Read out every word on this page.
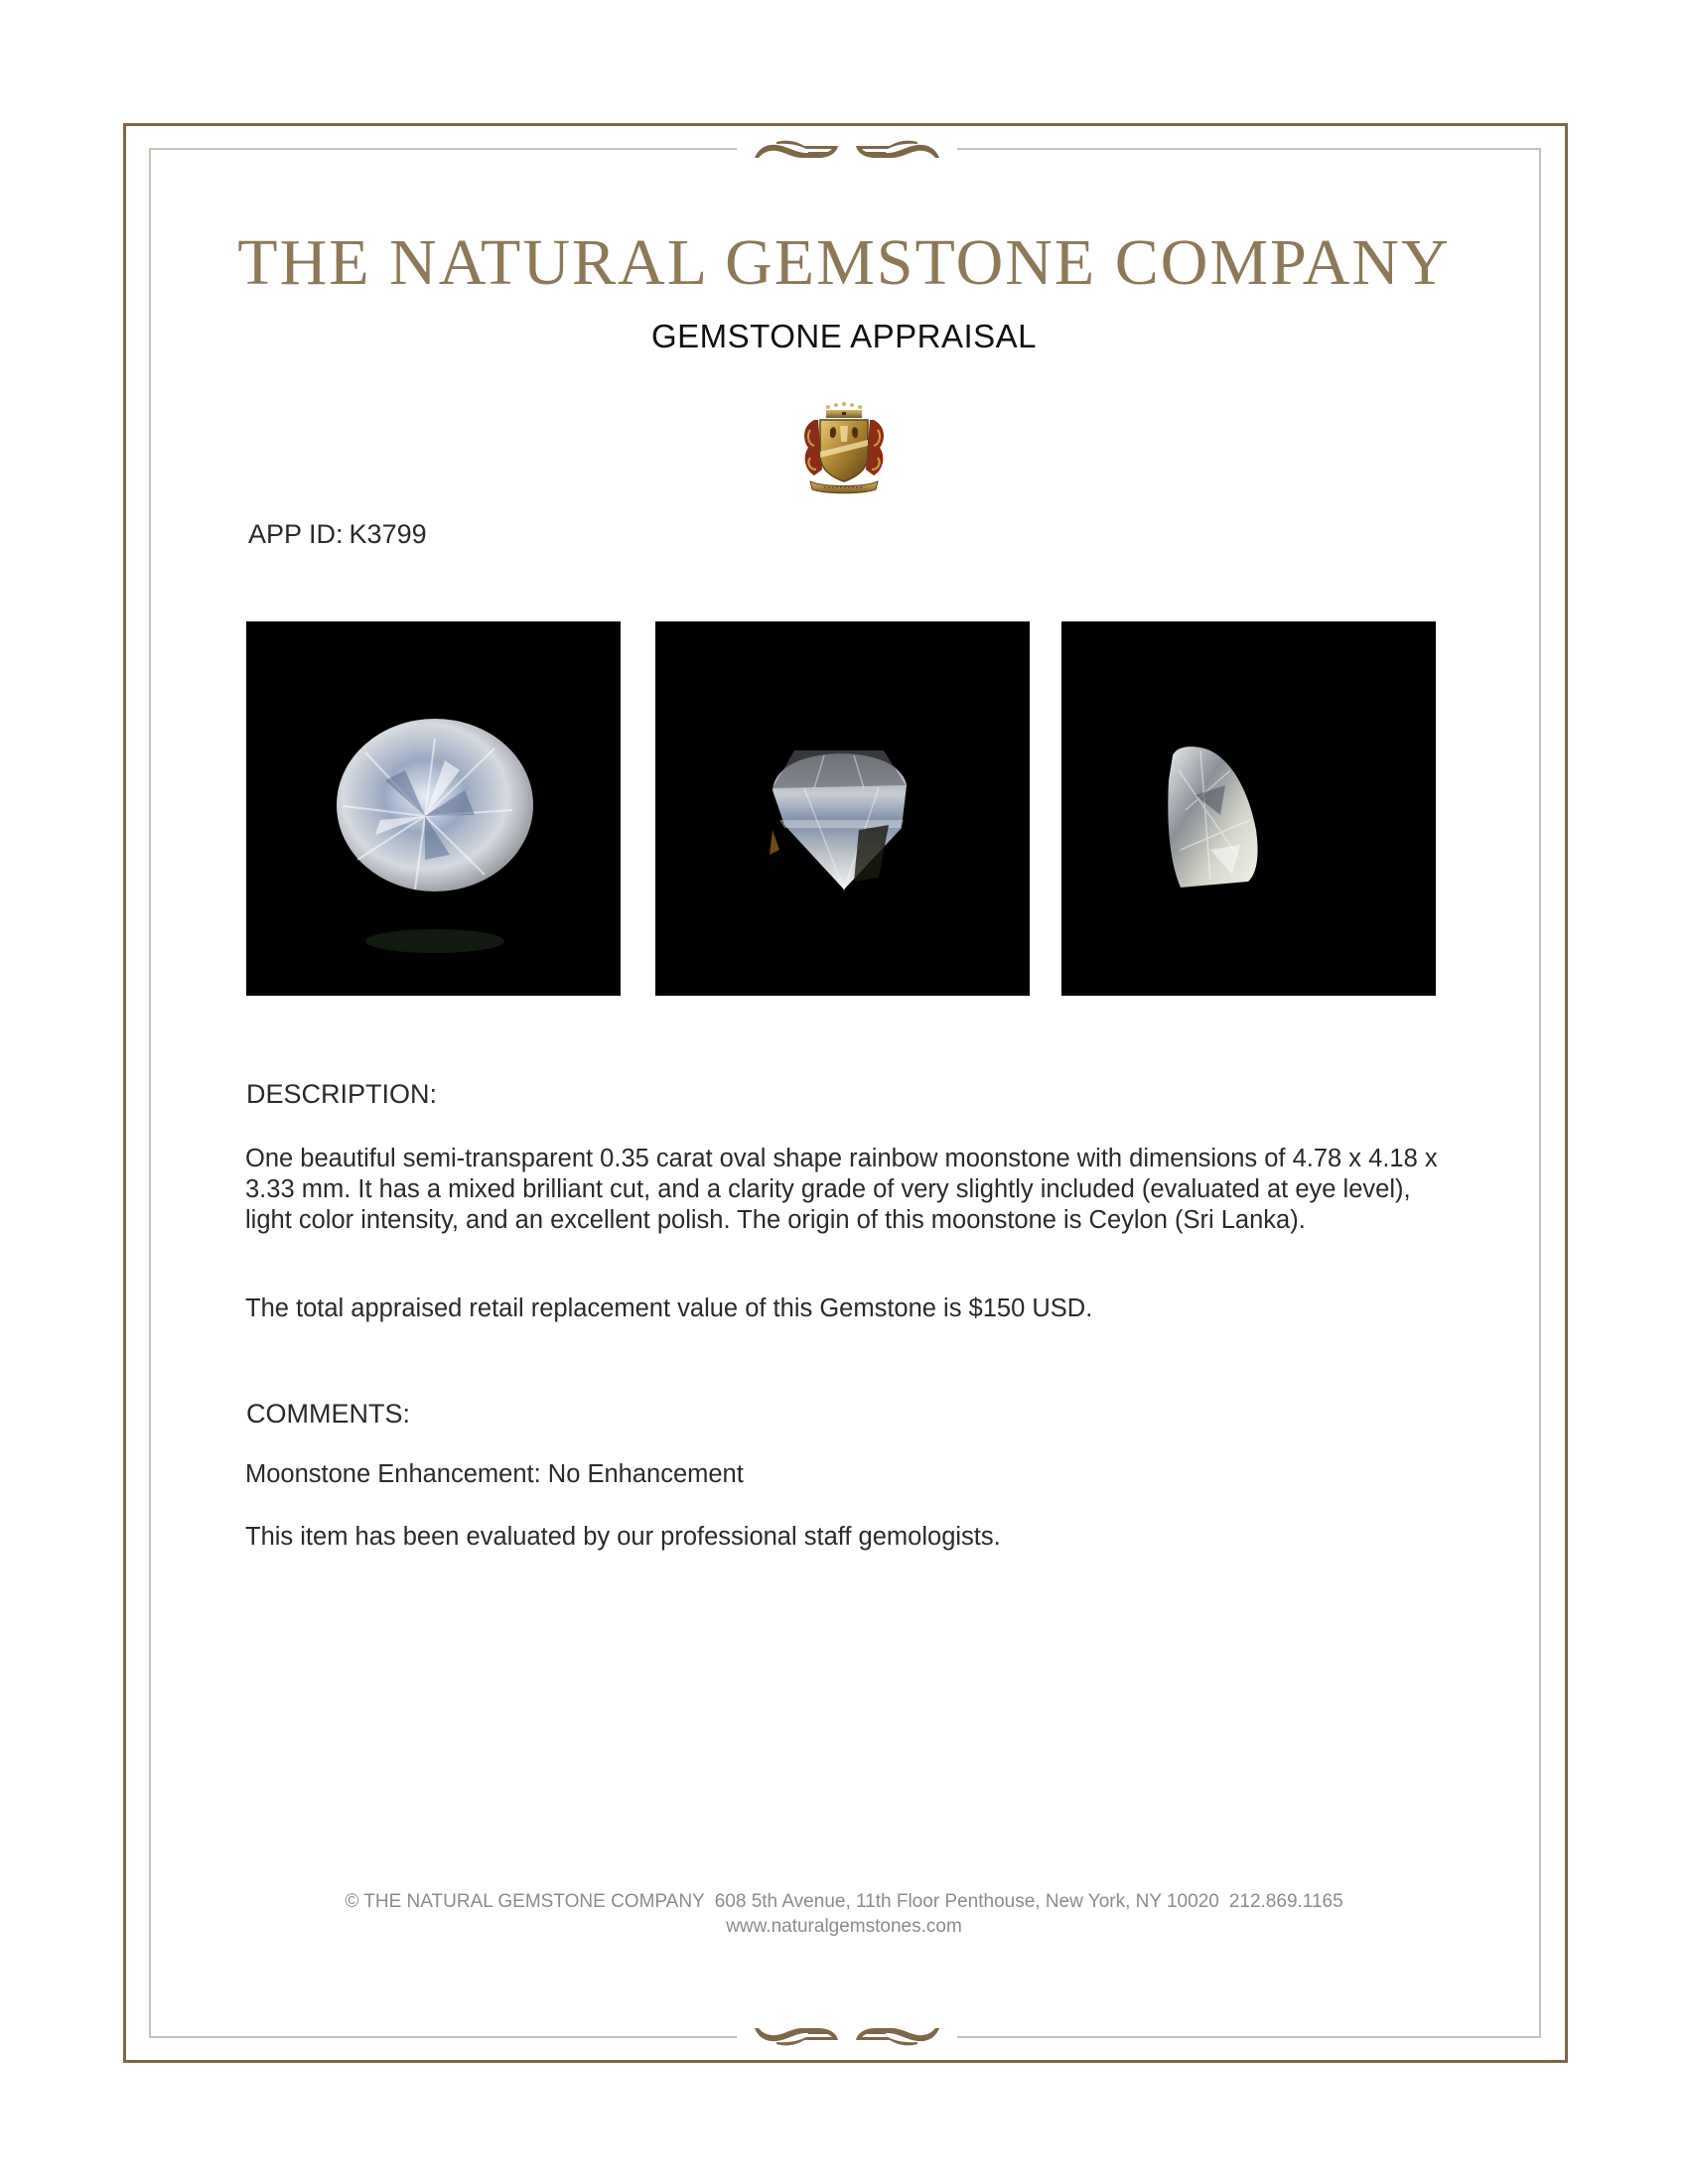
THE NATURAL GEMSTONE COMPANY
GEMSTONE APPRAISAL
APP ID: K3799
DESCRIPTION:

One beautiful semi-transparent 0.35 carat oval shape rainbow moonstone with dimensions of 4.78 x 4.18 x 3.33 mm. It has a mixed brilliant cut, and a clarity grade of very slightly included (evaluated at eye level), light color intensity, and an excellent polish. The origin of this moonstone is Ceylon (Sri Lanka).

The total appraised retail replacement value of this Gemstone is $150 USD.

COMMENTS:

Moonstone Enhancement: No Enhancement

This item has been evaluated by our professional staff gemologists.

© THE NATURAL GEMSTONE COMPANY 608 5th Avenue, 11th Floor Penthouse, New York, NY 10020 212.869.1165
www.naturalgemstones.com
